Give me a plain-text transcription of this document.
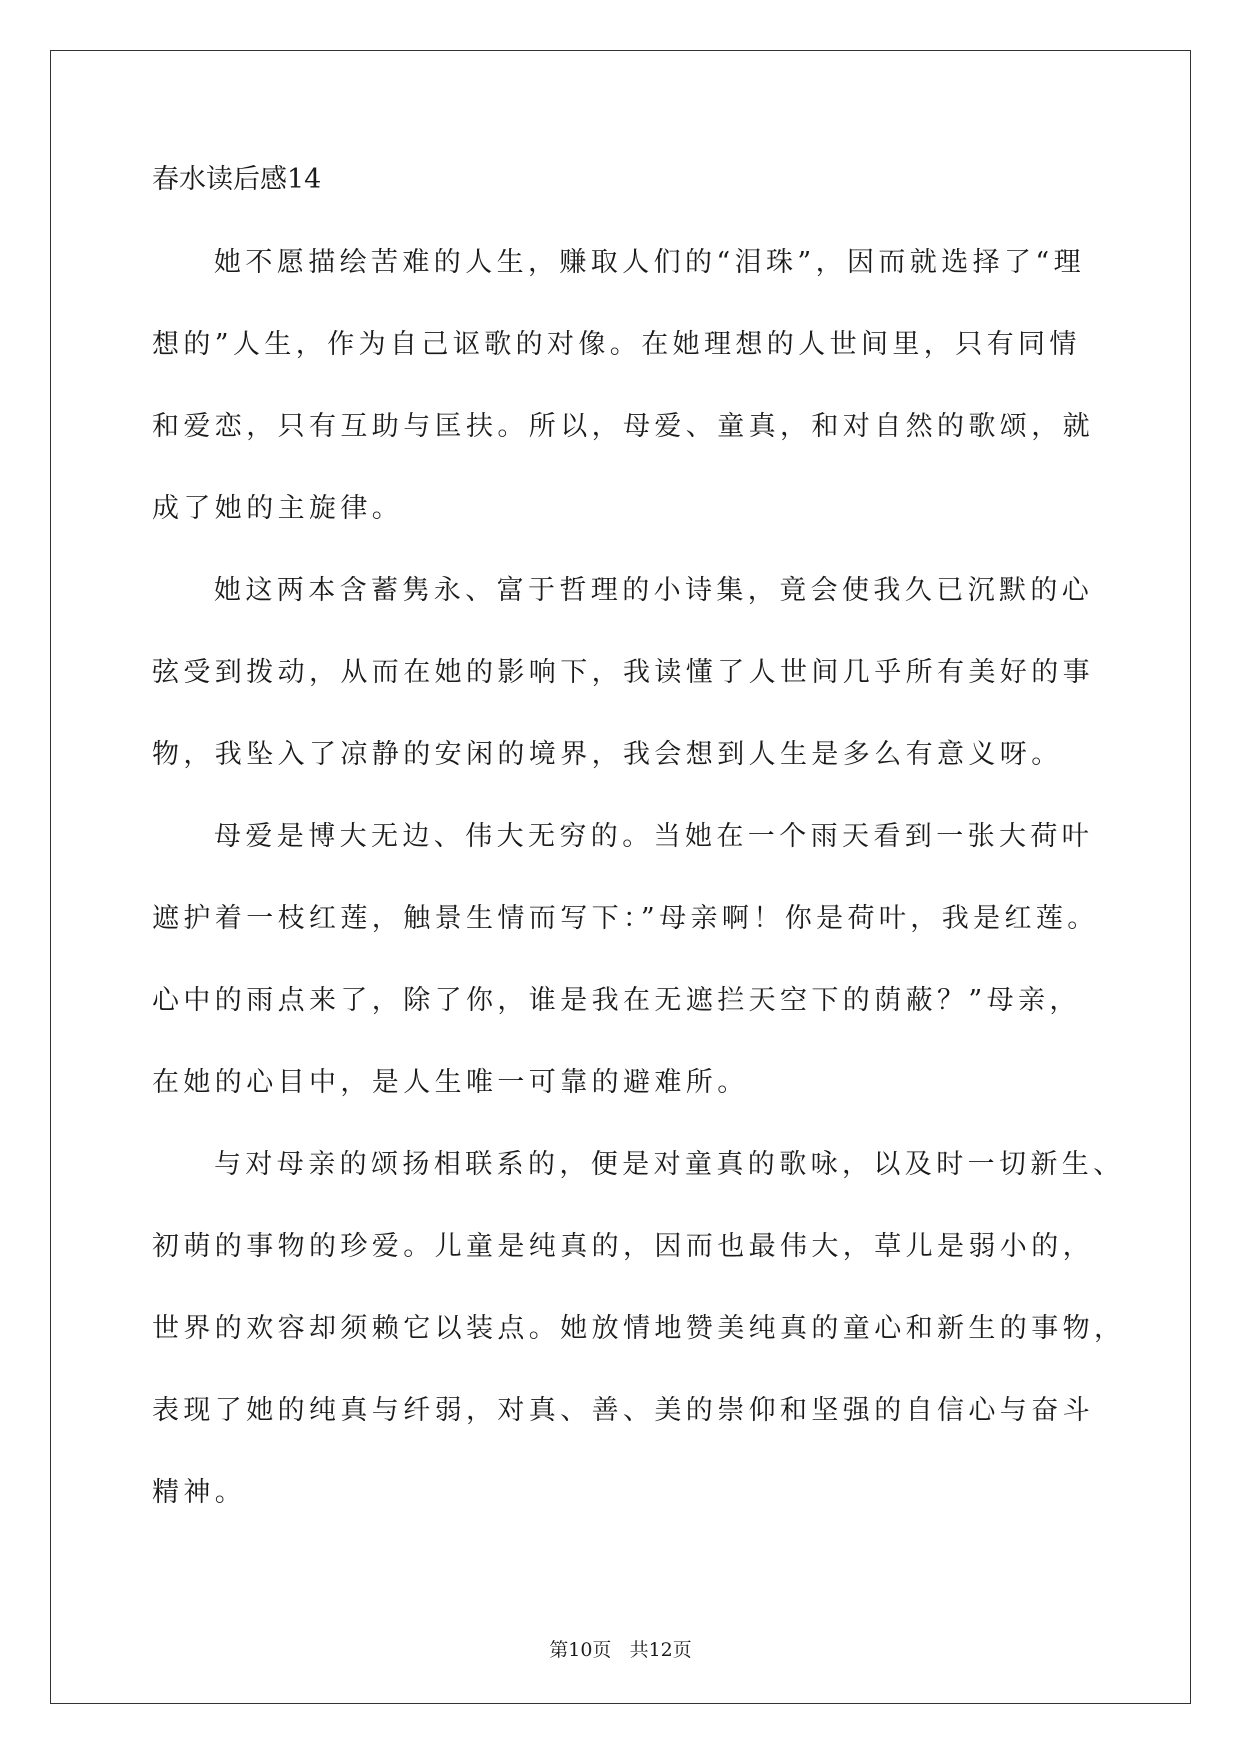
春水读后感14
她不愿描绘苦难的人生，赚取人们的“泪珠”，因而就选择了“理
想的”人生，作为自己讴歌的对像。在她理想的人世间里，只有同情
和爱恋，只有互助与匡扶。所以，母爱、童真，和对自然的歌颂，就
成了她的主旋律。
她这两本含蓄隽永、富于哲理的小诗集，竟会使我久已沉默的心
弦受到拨动，从而在她的影响下，我读懂了人世间几乎所有美好的事
物，我坠入了凉静的安闲的境界，我会想到人生是多么有意义呀。
母爱是博大无边、伟大无穷的。当她在一个雨天看到一张大荷叶
遮护着一枝红莲，触景生情而写下：”母亲啊！你是荷叶，我是红莲。
心中的雨点来了，除了你，谁是我在无遮拦天空下的荫蔽？”母亲，
在她的心目中，是人生唯一可靠的避难所。
与对母亲的颂扬相联系的，便是对童真的歌咏，以及时一切新生、
初萌的事物的珍爱。儿童是纯真的，因而也最伟大，草儿是弱小的，
世界的欢容却须赖它以装点。她放情地赞美纯真的童心和新生的事物，
表现了她的纯真与纤弱，对真、善、美的崇仰和坚强的自信心与奋斗
精神。
第10页 共12页
